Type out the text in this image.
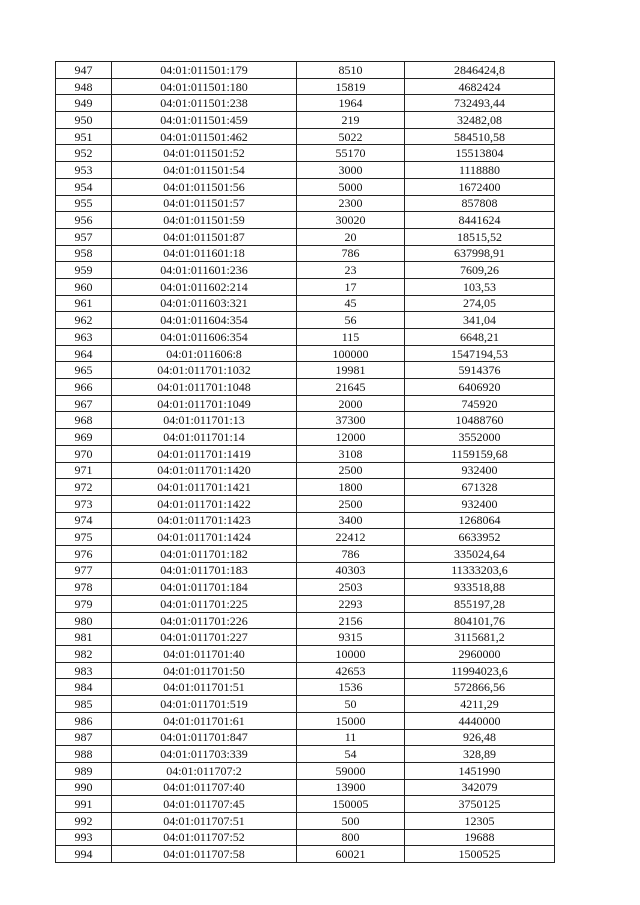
947	04:01:011501:179	8510	2846424,8
948	04:01:011501:180	15819	4682424
949	04:01:011501:238	1964	732493,44
950	04:01:011501:459	219	32482,08
951	04:01:011501:462	5022	584510,58
952	04:01:011501:52	55170	15513804
953	04:01:011501:54	3000	1118880
954	04:01:011501:56	5000	1672400
955	04:01:011501:57	2300	857808
956	04:01:011501:59	30020	8441624
957	04:01:011501:87	20	18515,52
958	04:01:011601:18	786	637998,91
959	04:01:011601:236	23	7609,26
960	04:01:011602:214	17	103,53
961	04:01:011603:321	45	274,05
962	04:01:011604:354	56	341,04
963	04:01:011606:354	115	6648,21
964	04:01:011606:8	100000	1547194,53
965	04:01:011701:1032	19981	5914376
966	04:01:011701:1048	21645	6406920
967	04:01:011701:1049	2000	745920
968	04:01:011701:13	37300	10488760
969	04:01:011701:14	12000	3552000
970	04:01:011701:1419	3108	1159159,68
971	04:01:011701:1420	2500	932400
972	04:01:011701:1421	1800	671328
973	04:01:011701:1422	2500	932400
974	04:01:011701:1423	3400	1268064
975	04:01:011701:1424	22412	6633952
976	04:01:011701:182	786	335024,64
977	04:01:011701:183	40303	11333203,6
978	04:01:011701:184	2503	933518,88
979	04:01:011701:225	2293	855197,28
980	04:01:011701:226	2156	804101,76
981	04:01:011701:227	9315	3115681,2
982	04:01:011701:40	10000	2960000
983	04:01:011701:50	42653	11994023,6
984	04:01:011701:51	1536	572866,56
985	04:01:011701:519	50	4211,29
986	04:01:011701:61	15000	4440000
987	04:01:011701:847	11	926,48
988	04:01:011703:339	54	328,89
989	04:01:011707:2	59000	1451990
990	04:01:011707:40	13900	342079
991	04:01:011707:45	150005	3750125
992	04:01:011707:51	500	12305
993	04:01:011707:52	800	19688
994	04:01:011707:58	60021	1500525
